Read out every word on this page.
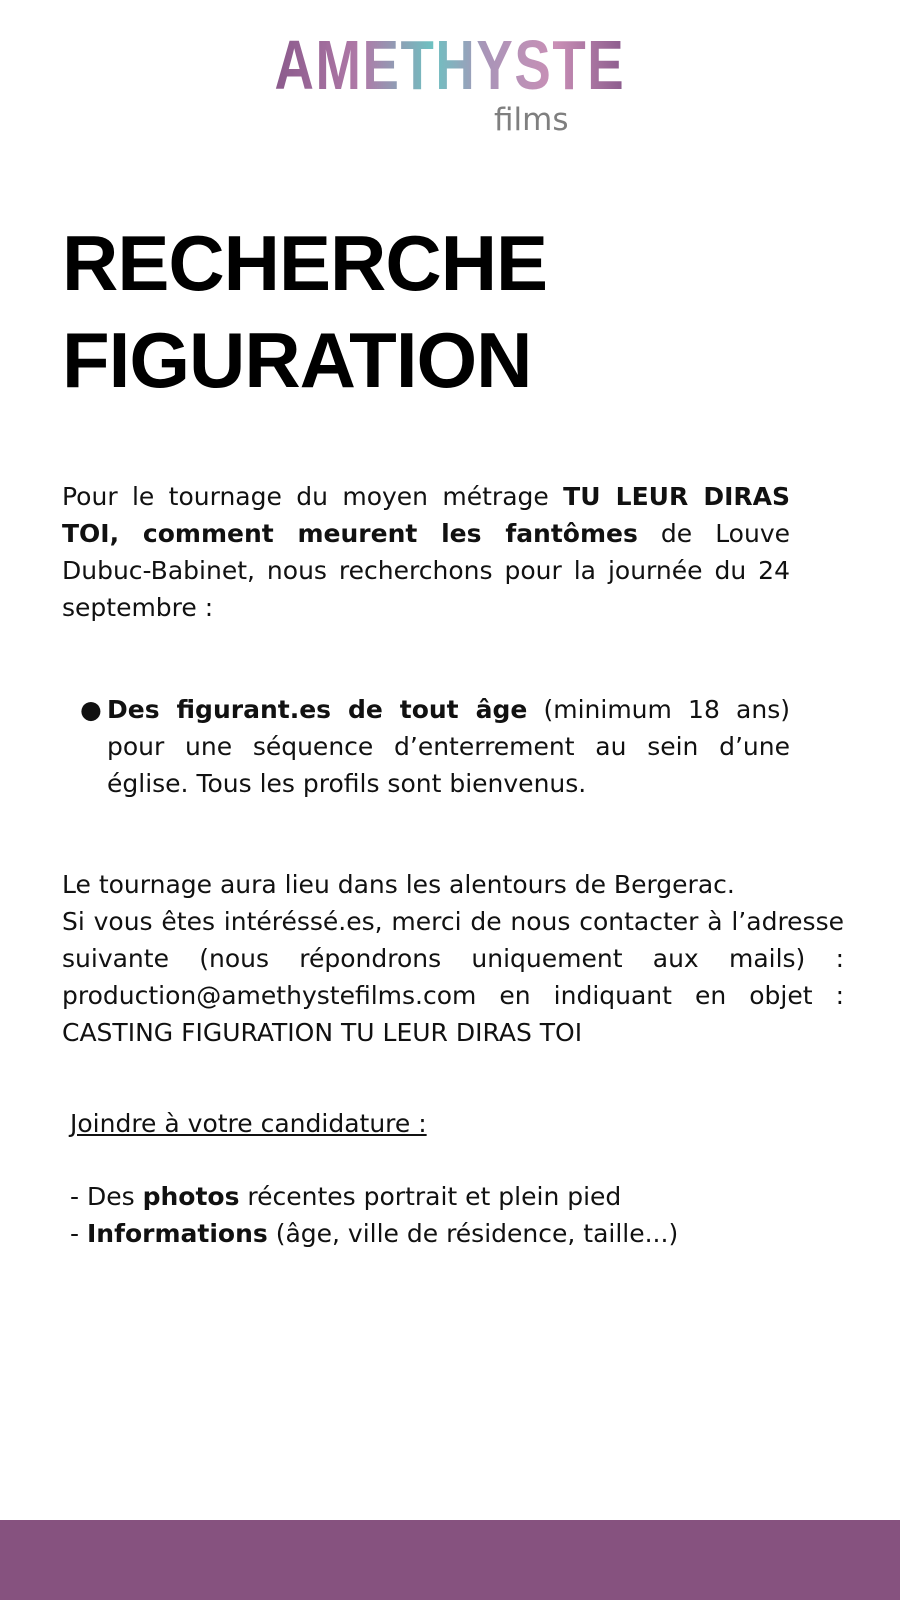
AMETHYSTE
films
RECHERCHE
FIGURATION

Pour le tournage du moyen métrage TU LEUR DIRAS TOI, comment meurent les fantômes de Louve Dubuc-Babinet, nous recherchons pour la journée du 24 septembre :

● Des figurant.es de tout âge (minimum 18 ans) pour une séquence d’enterrement au sein d’une église. Tous les profils sont bienvenus.

Le tournage aura lieu dans les alentours de Bergerac.
Si vous êtes intéréssé.es, merci de nous contacter à l’adresse suivante (nous répondrons uniquement aux mails) : production@amethystefilms.com en indiquant en objet : CASTING FIGURATION TU LEUR DIRAS TOI

Joindre à votre candidature :
- Des photos récentes portrait et plein pied
- Informations (âge, ville de résidence, taille...)
